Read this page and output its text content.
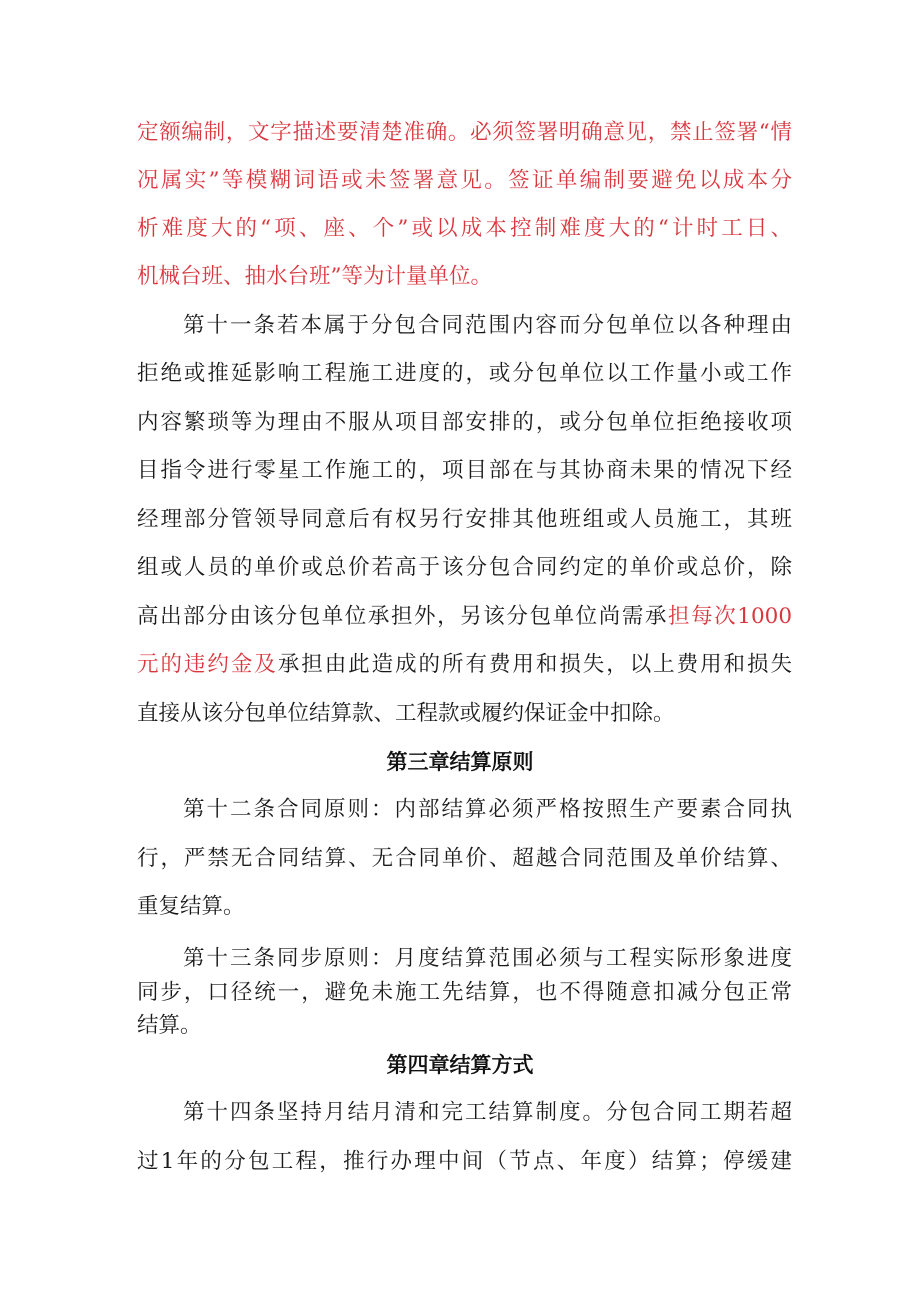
定额编制，文字描述要清楚准确。必须签署明确意见，禁止签署“情
况属实”等模糊词语或未签署意见。签证单编制要避免以成本分
析难度大的“项、座、个”或以成本控制难度大的“计时工日、
机械台班、抽水台班”等为计量单位。
第十一条若本属于分包合同范围内容而分包单位以各种理由
拒绝或推延影响工程施工进度的，或分包单位以工作量小或工作
内容繁琐等为理由不服从项目部安排的，或分包单位拒绝接收项
目指令进行零星工作施工的，项目部在与其协商未果的情况下经
经理部分管领导同意后有权另行安排其他班组或人员施工，其班
组或人员的单价或总价若高于该分包合同约定的单价或总价，除
高出部分由该分包单位承担外，另该分包单位尚需承担每次1000
元的违约金及承担由此造成的所有费用和损失，以上费用和损失
直接从该分包单位结算款、工程款或履约保证金中扣除。
第三章结算原则
第十二条合同原则：内部结算必须严格按照生产要素合同执
行，严禁无合同结算、无合同单价、超越合同范围及单价结算、
重复结算。
第十三条同步原则：月度结算范围必须与工程实际形象进度
同步，口径统一，避免未施工先结算，也不得随意扣减分包正常
结算。
第四章结算方式
第十四条坚持月结月清和完工结算制度。分包合同工期若超
过1年的分包工程，推行办理中间（节点、年度）结算；停缓建
